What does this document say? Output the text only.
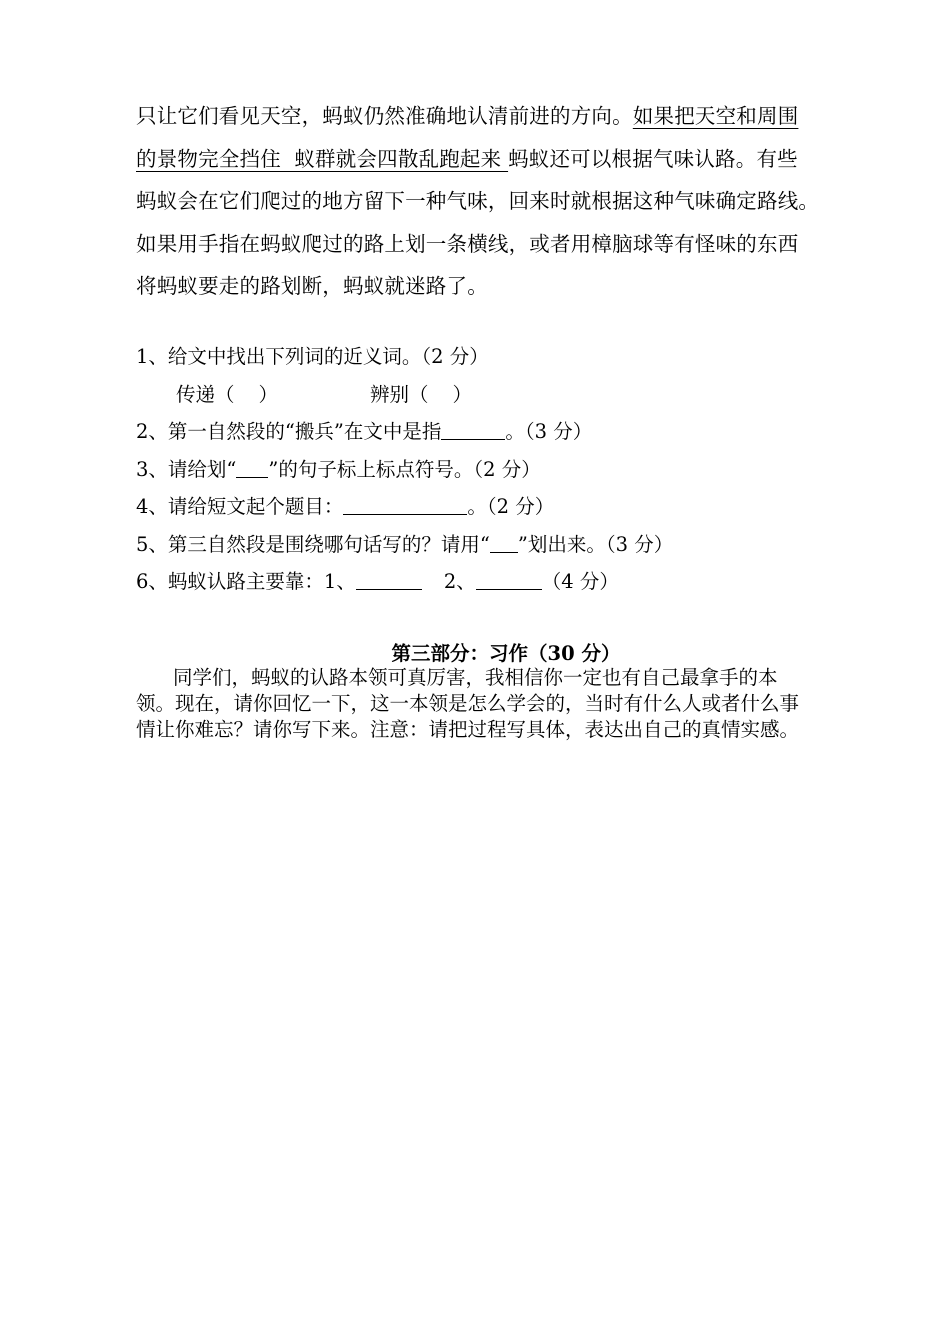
只让它们看见天空，蚂蚁仍然准确地认清前进的方向。如果把天空和周围
的景物完全挡住  蚁群就会四散乱跑起来 蚂蚁还可以根据气味认路。有些
蚂蚁会在它们爬过的地方留下一种气味，回来时就根据这种气味确定路线。
如果用手指在蚂蚁爬过的路上划一条横线，或者用樟脑球等有怪味的东西
将蚂蚁要走的路划断，蚂蚁就迷路了。
1、给文中找出下列词的近义词。（2 分）
传递（ ）	辨别（ ）
2、第一自然段的“搬兵”在文中是指	。（3 分）
3、请给划“ ”的句子标上标点符号。（2 分）
4、请给短文起个题目：	。（2 分）
5、第三自然段是围绕哪句话写的？请用“ ”划出来。（3 分）
6、蚂蚁认路主要靠：1、	2、	（4 分）
第三部分：习作（30 分）
同学们，蚂蚁的认路本领可真厉害，我相信你一定也有自己最拿手的本
领。现在，请你回忆一下，这一本领是怎么学会的，当时有什么人或者什么事
情让你难忘？请你写下来。注意：请把过程写具体，表达出自己的真情实感。
